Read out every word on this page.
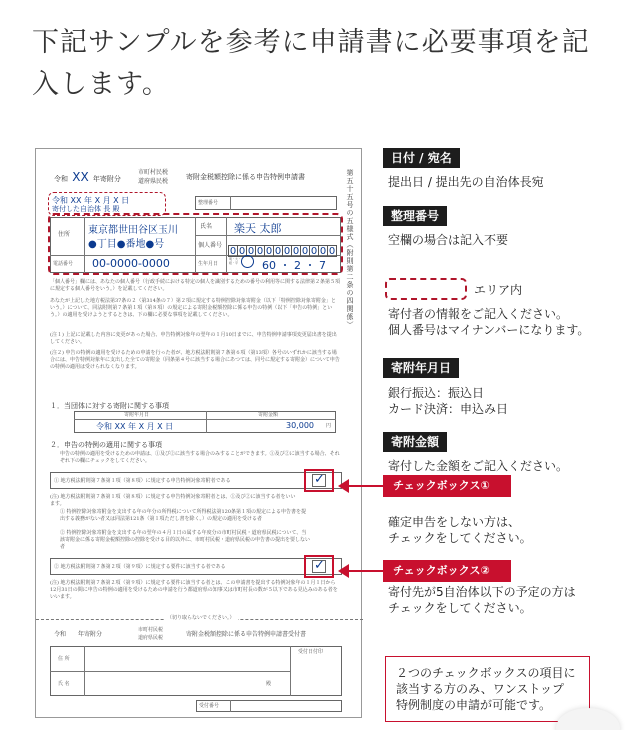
下記サンプルを参考に申請書に必要事項を記入します。
令和 XX 年寄附分
市町村民税
道府県民税
寄附金税額控除に係る申告特例申請書	第五十五号の五様式（附則第二条の四関係）
令和 XX 年 X 月 X 日
寄付した自治体 長 殿
整理番号
住所 東京都世田谷区玉川
●丁目●番地●号
氏名 楽天 太郎
個人番号
0 0 0 0 0 0 0 0 0 0 0 0
電話番号 00-0000-0000	生年月日
明・大・昭・平	60 ・ 2 ・ 7
「個人番号」欄には、あなたの個人番号（行政手続における特定の個人を識別するための番号の利用等に関する法律第２条第５項に規定する個人番号をいう。）を記載してください。
あなたが上記した地方税法第37条の２（第314条の７）第２項に規定する特例控除対象寄附金（以下「特例控除対象寄附金」という。）について、同法附則第７条第１項（第８項）の規定による寄附金税額控除に係る申告の特例（以下「申告の特例」という。）の適用を受けようとするときは、下の欄に必要な事項を記載してください。
(注１) 上記に記載した内容に変更があった場合、申告特例対象年の翌年の１月10日までに、申告特例申請事項変更届出書を提出してください。
(注２) 申告の特例の適用を受けるための申請を行った者が、地方税法附則第７条第６項（第13項）各号のいずれかに該当する場合には、申告特例対象年に支出した全ての寄附金（同条第４号に該当する場合にあつては、同号に規定する寄附金）について申告の特例の適用は受けられなくなります。
１．当団体に対する寄附に関する事項
寄附年月日	寄附金額
令和 XX 年 X 月 X 日	30,000 円
２．申告の特例の適用に関する事項
申告の特例の適用を受けるための申請は、①及び②に該当する場合のみすることができます。①及び②に該当する場合、それぞれ下の欄にチェックをしてください。
① 地方税法附則第７条第１項（第８項）に規定する申告特例対象寄附者である	✓
(注) 地方税法附則第７条第１項（第８項）に規定する申告特例対象寄附者とは、①及び②に該当する者をいいます。
① 特例控除対象寄附金を支出する年の年分の所得税について所得税法第120条第１項の規定による申告書を提出する義務がない者又は同法第121条（第１項ただし書を除く。）の規定の適用を受ける者
② 特例控除対象寄附金を支出する年の翌年の４月１日の属する年度分の市町村民税・道府県民税について、当該寄附金に係る寄附金税額控除の控除を受ける目的以外に、市町村民税・道府県民税の申告書の提出を要しない者
② 地方税法附則第７条第２項（第９項）に規定する要件に該当する者である	✓
(注) 地方税法附則第７条第２項（第９項）に規定する要件に該当する者とは、この申請書を提出する特例対象年の１月１日から12月31日の間に申告の特例の適用を受けるための申請を行う都道府県の知事又は市町村長の数が５以下である見込みのある者をいいます。
（切り取らないでください。）
令和　　年寄附分
市町村民税
道府県民税	寄附金税額控除に係る申告特例申請書受付書
住 所
氏 名	殿
受付日付印
受付番号
日付 / 宛名
提出日 / 提出先の自治体長宛
整理番号
空欄の場合は記入不要
エリア内
寄付者の情報をご記入ください。
個人番号はマイナンバーになります。
寄附年月日
銀行振込：振込日
カード決済：申込み日
寄附金額
寄付した金額をご記入ください。
チェックボックス①
確定申告をしない方は、
チェックをしてください。
チェックボックス②
寄付先が5自治体以下の予定の方は
チェックをしてください。
２つのチェックボックスの項目に
該当する方のみ、ワンストップ
特例制度の申請が可能です。
